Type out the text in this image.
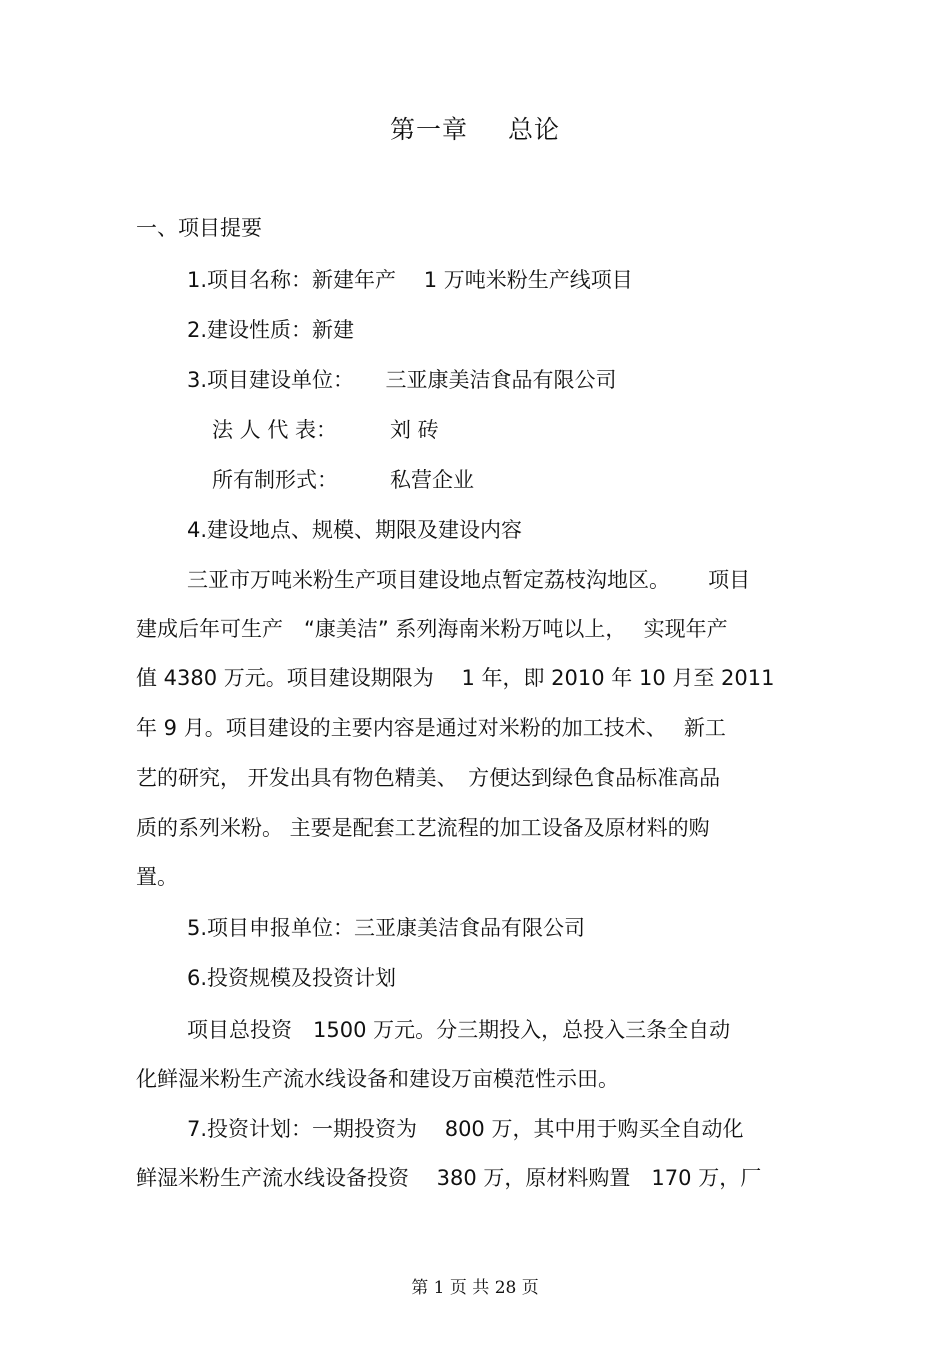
第一章 总论
一、项目提要
1.项目名称：新建年产　 1 万吨米粉生产线项目
2.建设性质：新建
3.项目建设单位：　　三亚康美洁食品有限公司
法 人 代 表：	刘 砖
所有制形式： 私营企业
4.建设地点、规模、期限及建设内容
三亚市万吨米粉生产项目建设地点暂定荔枝沟地区。　　 项目
建成后年可生产　“康美洁” 系列海南米粉万吨以上，　 实现年产
值 4380 万元。项目建设期限为　 1 年，即 2010 年 10 月至 2011
年 9 月。项目建设的主要内容是通过对米粉的加工技术、　 新工
艺的研究， 开发出具有物色精美、　方便达到绿色食品标准高品
质的系列米粉。 主要是配套工艺流程的加工设备及原材料的购
置。
5.项目申报单位：三亚康美洁食品有限公司
6.投资规模及投资计划
项目总投资　1500 万元。分三期投入，总投入三条全自动
化鲜湿米粉生产流水线设备和建设万亩模范性示田。
7.投资计划：一期投资为　 800 万，其中用于购买全自动化
鲜湿米粉生产流水线设备投资　 380 万，原材料购置　170 万，厂
第 1 页 共 28 页
